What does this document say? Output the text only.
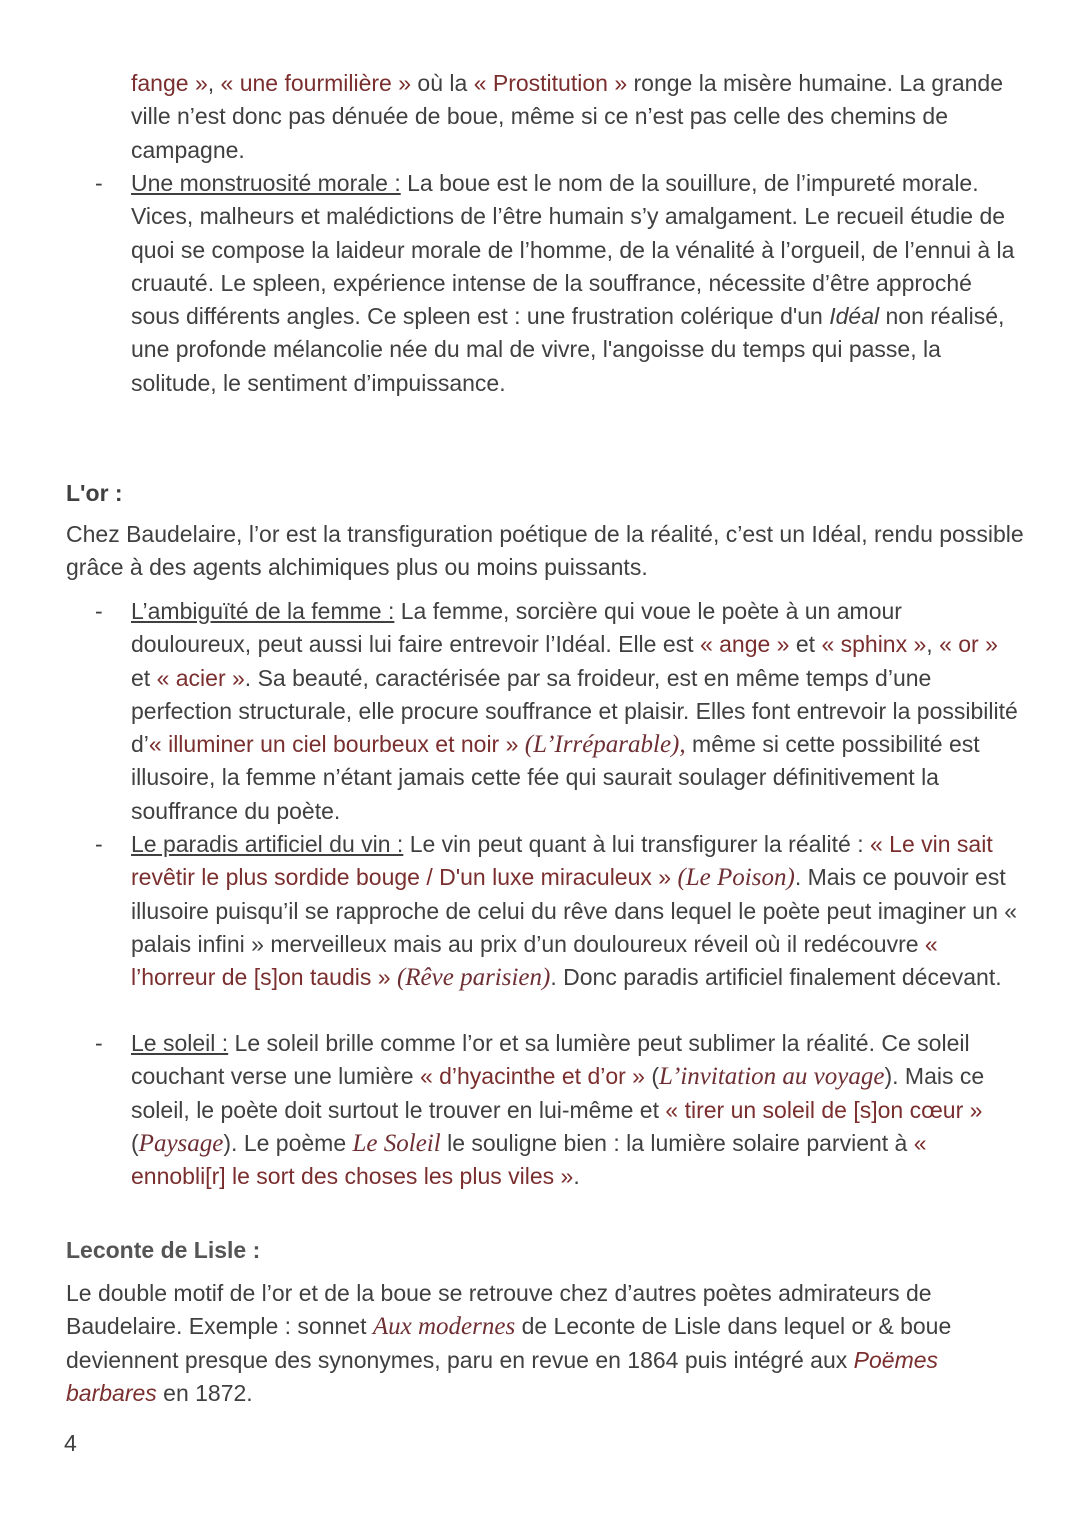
fange », « une fourmilière » où la « Prostitution » ronge la misère humaine. La grande ville n’est donc pas dénuée de boue, même si ce n’est pas celle des chemins de campagne.

- Une monstruosité morale : La boue est le nom de la souillure, de l’impureté morale. Vices, malheurs et malédictions de l’être humain s’y amalgament. Le recueil étudie de quoi se compose la laideur morale de l’homme, de la vénalité à l’orgueil, de l’ennui à la cruauté. Le spleen, expérience intense de la souffrance, nécessite d’être approché sous différents angles. Ce spleen est : une frustration colérique d'un Idéal non réalisé, une profonde mélancolie née du mal de vivre, l'angoisse du temps qui passe, la solitude, le sentiment d’impuissance.

L'or :

Chez Baudelaire, l’or est la transfiguration poétique de la réalité, c’est un Idéal, rendu possible grâce à des agents alchimiques plus ou moins puissants.

- L’ambiguïté de la femme : La femme, sorcière qui voue le poète à un amour douloureux, peut aussi lui faire entrevoir l’Idéal. Elle est « ange » et « sphinx », « or » et « acier ». Sa beauté, caractérisée par sa froideur, est en même temps d’une perfection structurale, elle procure souffrance et plaisir. Elles font entrevoir la possibilité d’« illuminer un ciel bourbeux et noir » (L’Irréparable), même si cette possibilité est illusoire, la femme n’étant jamais cette fée qui saurait soulager définitivement la souffrance du poète.

- Le paradis artificiel du vin : Le vin peut quant à lui transfigurer la réalité : « Le vin sait revêtir le plus sordide bouge / D'un luxe miraculeux » (Le Poison). Mais ce pouvoir est illusoire puisqu’il se rapproche de celui du rêve dans lequel le poète peut imaginer un « palais infini » merveilleux mais au prix d’un douloureux réveil où il redécouvre « l’horreur de [s]on taudis » (Rêve parisien). Donc paradis artificiel finalement décevant.

- Le soleil : Le soleil brille comme l’or et sa lumière peut sublimer la réalité. Ce soleil couchant verse une lumière « d’hyacinthe et d’or » (L’invitation au voyage). Mais ce soleil, le poète doit surtout le trouver en lui-même et « tirer un soleil de [s]on cœur » (Paysage). Le poème Le Soleil le souligne bien : la lumière solaire parvient à « ennobli[r] le sort des choses les plus viles ».

Leconte de Lisle :

Le double motif de l’or et de la boue se retrouve chez d’autres poètes admirateurs de Baudelaire. Exemple : sonnet Aux modernes de Leconte de Lisle dans lequel or & boue deviennent presque des synonymes, paru en revue en 1864 puis intégré aux Poëmes barbares en 1872.

4
